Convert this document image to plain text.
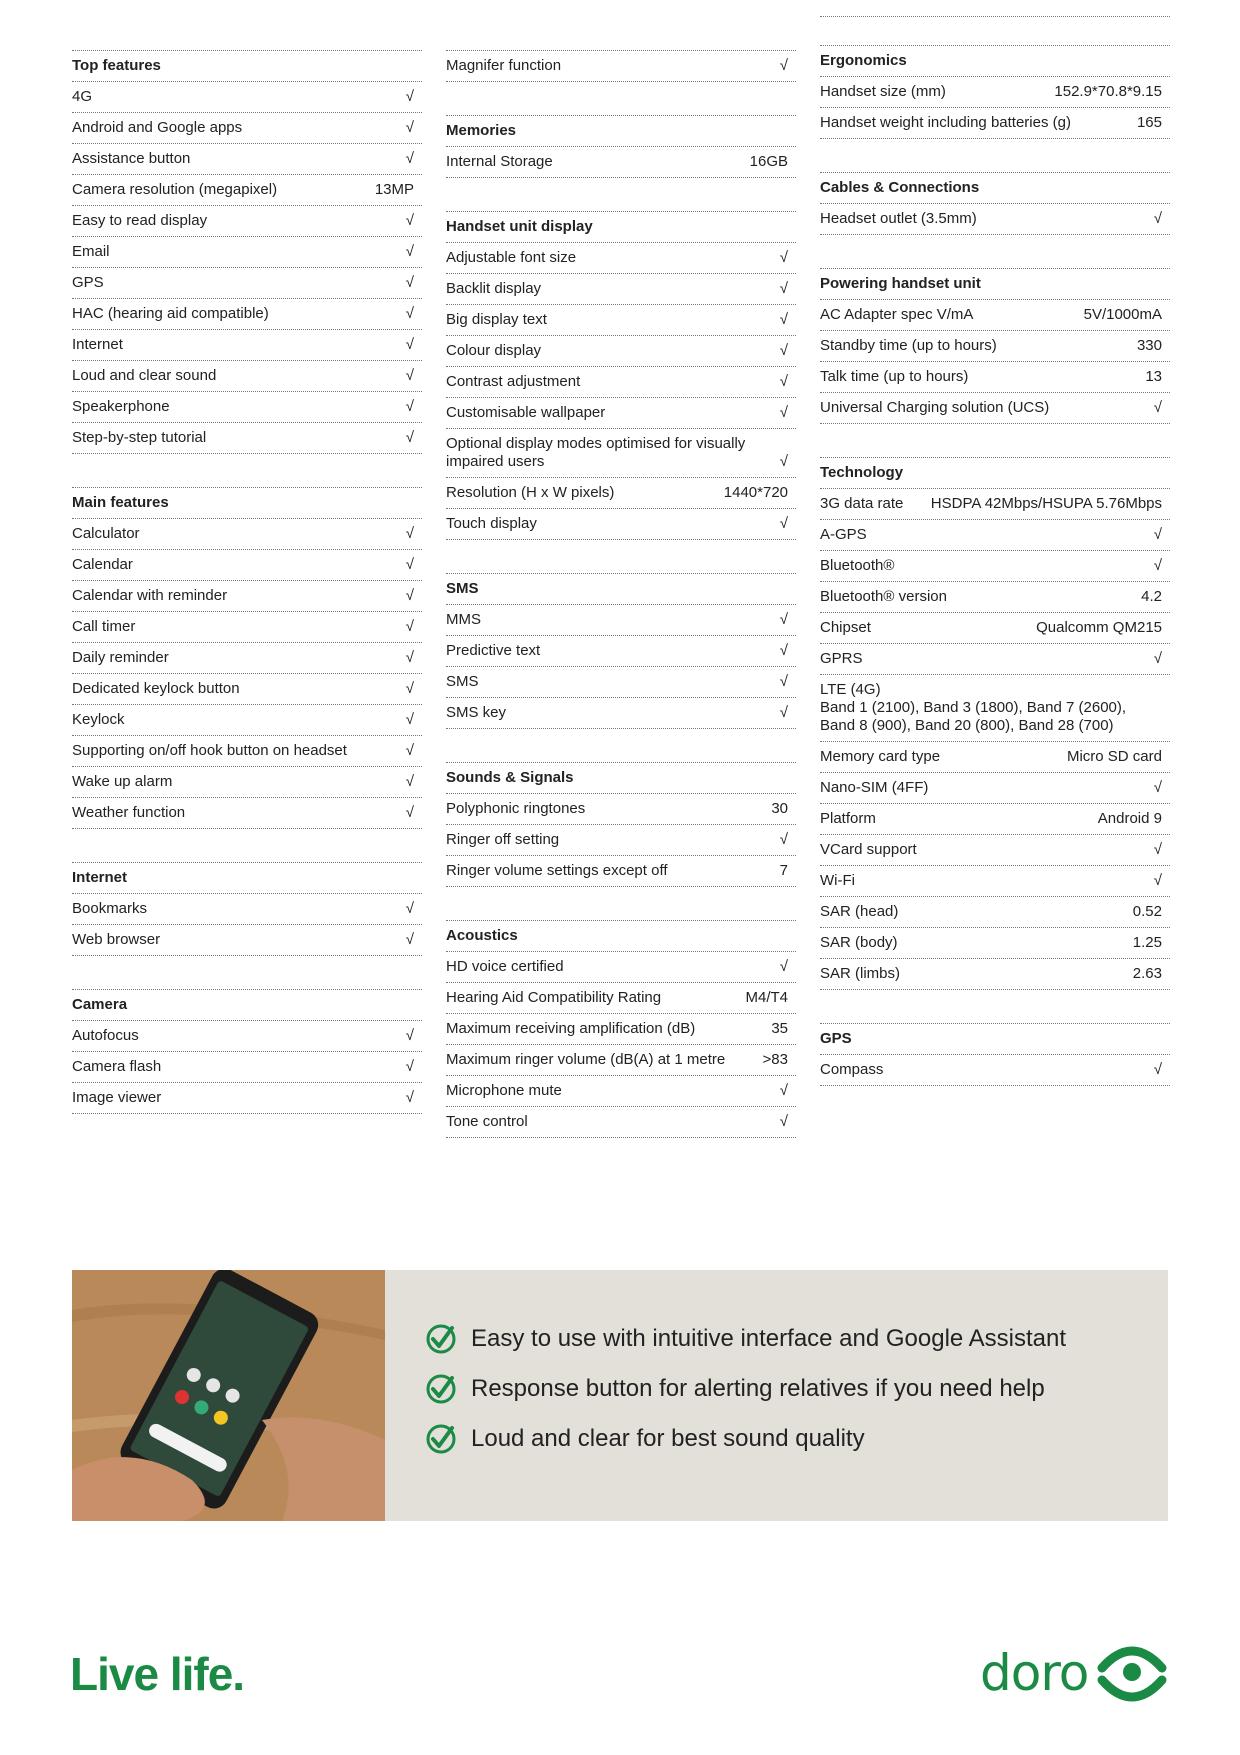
Top features
4G	√
Android and Google apps	√
Assistance button	√
Camera resolution (megapixel)	13MP
Easy to read display	√
Email	√
GPS	√
HAC (hearing aid compatible)	√
Internet	√
Loud and clear sound	√
Speakerphone	√
Step-by-step tutorial	√
Main features
Calculator	√
Calendar	√
Calendar with reminder	√
Call timer	√
Daily reminder	√
Dedicated keylock button	√
Keylock	√
Supporting on/off hook button on headset	√
Wake up alarm	√
Weather function	√
Internet
Bookmarks	√
Web browser	√
Camera
Autofocus	√
Camera flash	√
Image viewer	√
Magnifer function	√
Memories
Internal Storage	16GB
Handset unit display
Adjustable font size	√
Backlit display	√
Big display text	√
Colour display	√
Contrast adjustment	√
Customisable wallpaper	√
Optional display modes optimised for visually impaired users	√
Resolution (H x W pixels)	1440*720
Touch display	√
SMS
MMS	√
Predictive text	√
SMS	√
SMS key	√
Sounds & Signals
Polyphonic ringtones	30
Ringer off setting	√
Ringer volume settings except off	7
Acoustics
HD voice certified	√
Hearing Aid Compatibility Rating	M4/T4
Maximum receiving amplification (dB)	35
Maximum ringer volume (dB(A) at 1 metre	>83
Microphone mute	√
Tone control	√
Ergonomics
Handset size (mm)	152.9*70.8*9.15
Handset weight including batteries (g)	165
Cables & Connections
Headset outlet (3.5mm)	√
Powering handset unit
AC Adapter spec V/mA	5V/1000mA
Standby time (up to hours)	330
Talk time (up to hours)	13
Universal Charging solution (UCS)	√
Technology
3G data rate	HSDPA 42Mbps/HSUPA 5.76Mbps
A-GPS	√
Bluetooth®	√
Bluetooth® version	4.2
Chipset	Qualcomm QM215
GPRS	√
LTE (4G)
Band 1 (2100), Band 3 (1800), Band 7 (2600), Band 8 (900), Band 20 (800), Band 28 (700)
Memory card type	Micro SD card
Nano-SIM (4FF)	√
Platform	Android 9
VCard support	√
Wi-Fi	√
SAR (head)	0.52
SAR (body)	1.25
SAR (limbs)	2.63
GPS
Compass	√
Easy to use with intuitive interface and Google Assistant
Response button for alerting relatives if you need help
Loud and clear for best sound quality
Live life.	doro
